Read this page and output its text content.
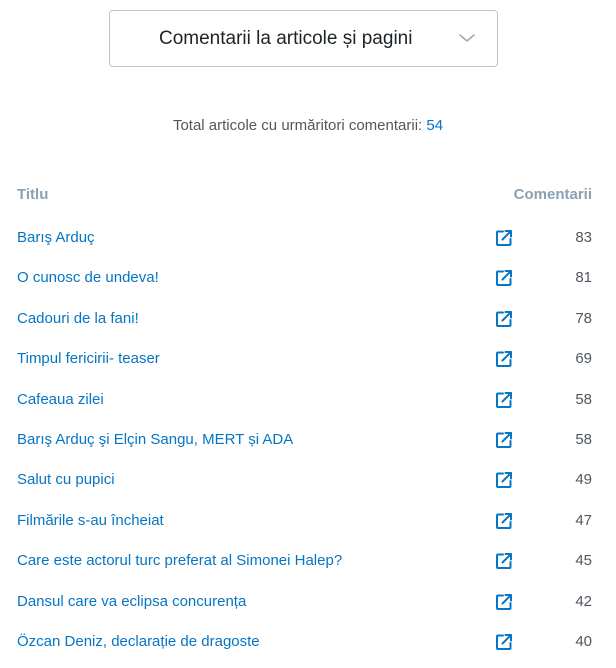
Comentarii la articole și pagini
Total articole cu urmăritori comentarii: 54
Titlu	Comentarii
Barış Arduç	83
O cunosc de undeva!	81
Cadouri de la fani!	78
Timpul fericirii- teaser	69
Cafeaua zilei	58
Barış Arduç şi Elçin Sangu, MERT și ADA	58
Salut cu pupici	49
Filmările s-au încheiat	47
Care este actorul turc preferat al Simonei Halep?	45
Dansul care va eclipsa concurența	42
Özcan Deniz, declarație de dragoste	40
